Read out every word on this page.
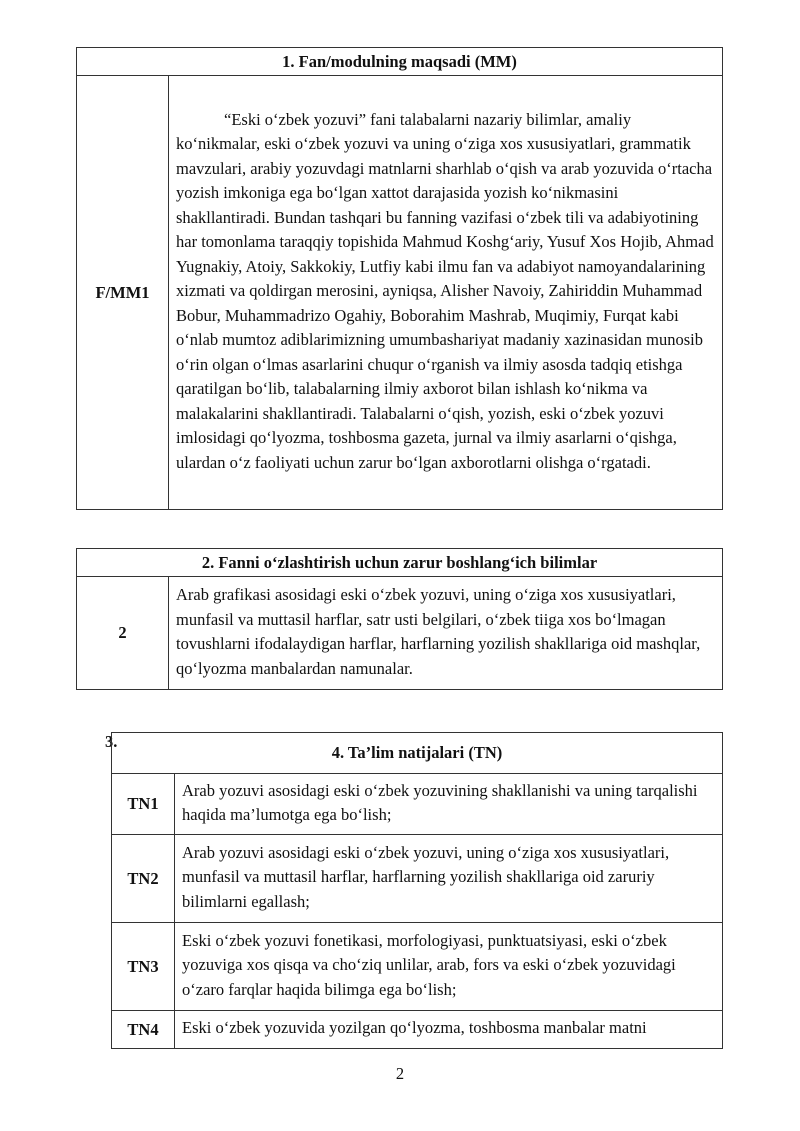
1. Fan/modulning maqsadi (MM)
F/MM1	“Eski o‘zbek yozuvi” fani talabalarni nazariy bilimlar, amaliy ko‘nikmalar, eski o‘zbek yozuvi va uning o‘ziga xos xususiyatlari, grammatik mavzulari, arabiy yozuvdagi matnlarni sharhlab o‘qish va arab yozuvida o‘rtacha yozish imkoniga ega bo‘lgan xattot darajasida yozish ko‘nikmasini shakllantiradi. Bundan tashqari bu fanning vazifasi o‘zbek tili va adabiyotining har tomonlama taraqqiy topishida Mahmud Koshg‘ariy, Yusuf Xos Hojib, Ahmad Yugnakiy, Atoiy, Sakkokiy, Lutfiy kabi ilmu fan va adabiyot namoyandalarining xizmati va qoldirgan merosini, ayniqsa, Alisher Navoiy, Zahiriddin Muhammad Bobur, Muhammadrizo Ogahiy, Boborahim Mashrab, Muqimiy, Furqat kabi o‘nlab mumtoz adiblarimizning umumbashariyat madaniy xazinasidan munosib o‘rin olgan o‘lmas asarlarini chuqur o‘rganish va ilmiy asosda tadqiq etishga qaratilgan bo‘lib, talabalarning ilmiy axborot bilan ishlash ko‘nikma va malakalarini shakllantiradi. Talabalarni o‘qish, yozish, eski o‘zbek yozuvi imlosidagi qo‘lyozma, toshbosma gazeta, jurnal va ilmiy asarlarni o‘qishga, ulardan o‘z faoliyati uchun zarur bo‘lgan axborotlarni olishga o‘rgatadi.
2. Fanni o‘zlashtirish uchun zarur boshlang‘ich bilimlar
2	Arab grafikasi asosidagi eski o‘zbek yozuvi, uning o‘ziga xos xususiyatlari, munfasil va muttasil harflar, satr usti belgilari, o‘zbek tiiga xos bo‘lmagan tovushlarni ifodalaydigan harflar, harflarning yozilish shakllariga oid mashqlar, qo‘lyozma manbalardan namunalar.
3.
4. Ta’lim natijalari (TN)	
TN1	Arab yozuvi asosidagi eski o‘zbek yozuvining shakllanishi va uning tarqalishi haqida ma’lumotga ega bo‘lish;
TN2	Arab yozuvi asosidagi eski o‘zbek yozuvi, uning o‘ziga xos xususiyatlari, munfasil va muttasil harflar, harflarning yozilish shakllariga oid zaruriy bilimlarni egallash;
TN3	Eski o‘zbek yozuvi fonetikasi, morfologiyasi, punktuatsiyasi, eski o‘zbek yozuviga xos qisqa va cho‘ziq unlilar, arab, fors va eski o‘zbek yozuvidagi o‘zaro farqlar haqida bilimga ega bo‘lish;
TN4	Eski o‘zbek yozuvida yozilgan qo‘lyozma, toshbosma manbalar matni
2
